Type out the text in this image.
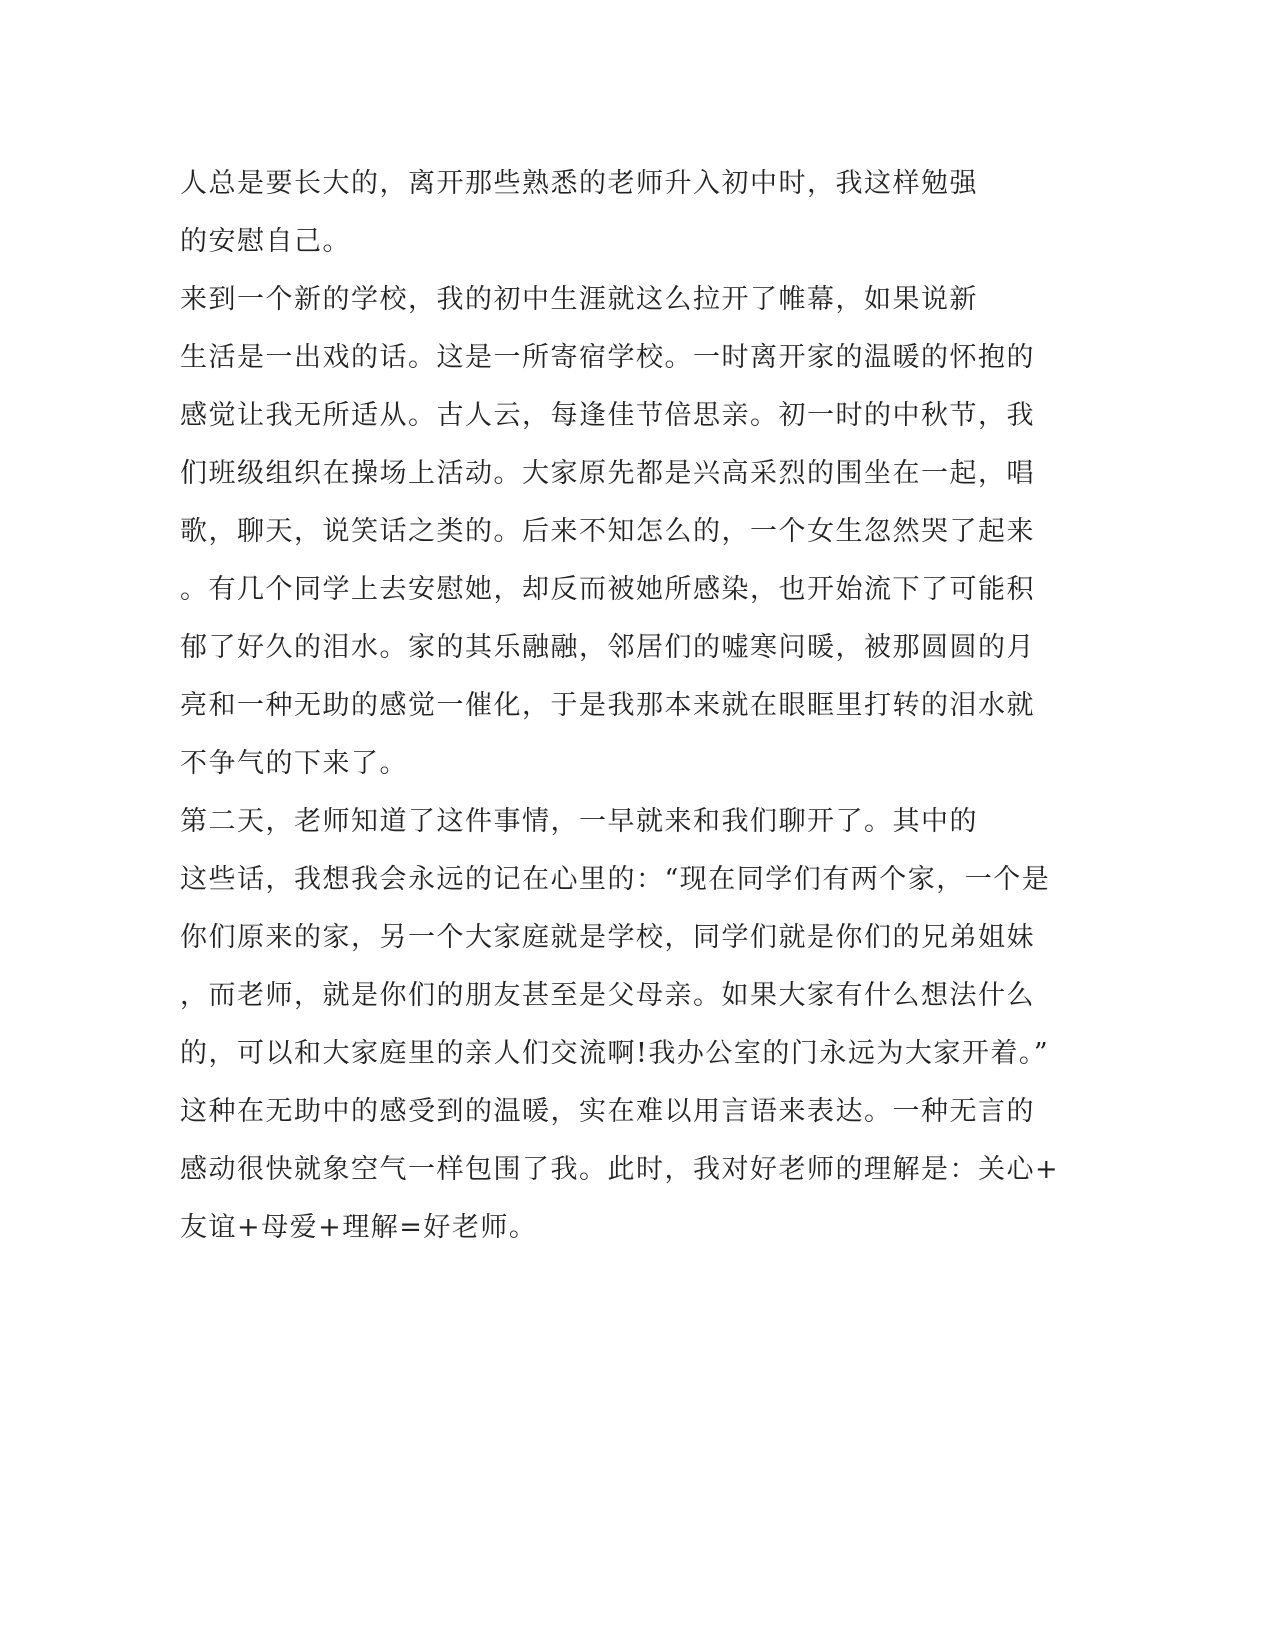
人总是要长大的，离开那些熟悉的老师升入初中时，我这样勉强
的安慰自己。
来到一个新的学校，我的初中生涯就这么拉开了帷幕，如果说新
生活是一出戏的话。这是一所寄宿学校。一时离开家的温暖的怀抱的
感觉让我无所适从。古人云，每逢佳节倍思亲。初一时的中秋节，我
们班级组织在操场上活动。大家原先都是兴高采烈的围坐在一起，唱
歌，聊天，说笑话之类的。后来不知怎么的，一个女生忽然哭了起来
。有几个同学上去安慰她，却反而被她所感染，也开始流下了可能积
郁了好久的泪水。家的其乐融融，邻居们的嘘寒问暖，被那圆圆的月
亮和一种无助的感觉一催化，于是我那本来就在眼眶里打转的泪水就
不争气的下来了。
第二天，老师知道了这件事情，一早就来和我们聊开了。其中的
这些话，我想我会永远的记在心里的：“现在同学们有两个家，一个是
你们原来的家，另一个大家庭就是学校，同学们就是你们的兄弟姐妹
，而老师，就是你们的朋友甚至是父母亲。如果大家有什么想法什么
的，可以和大家庭里的亲人们交流啊!我办公室的门永远为大家开着。”
这种在无助中的感受到的温暖，实在难以用言语来表达。一种无言的
感动很快就象空气一样包围了我。此时，我对好老师的理解是：关心+
友谊+母爱+理解=好老师。
